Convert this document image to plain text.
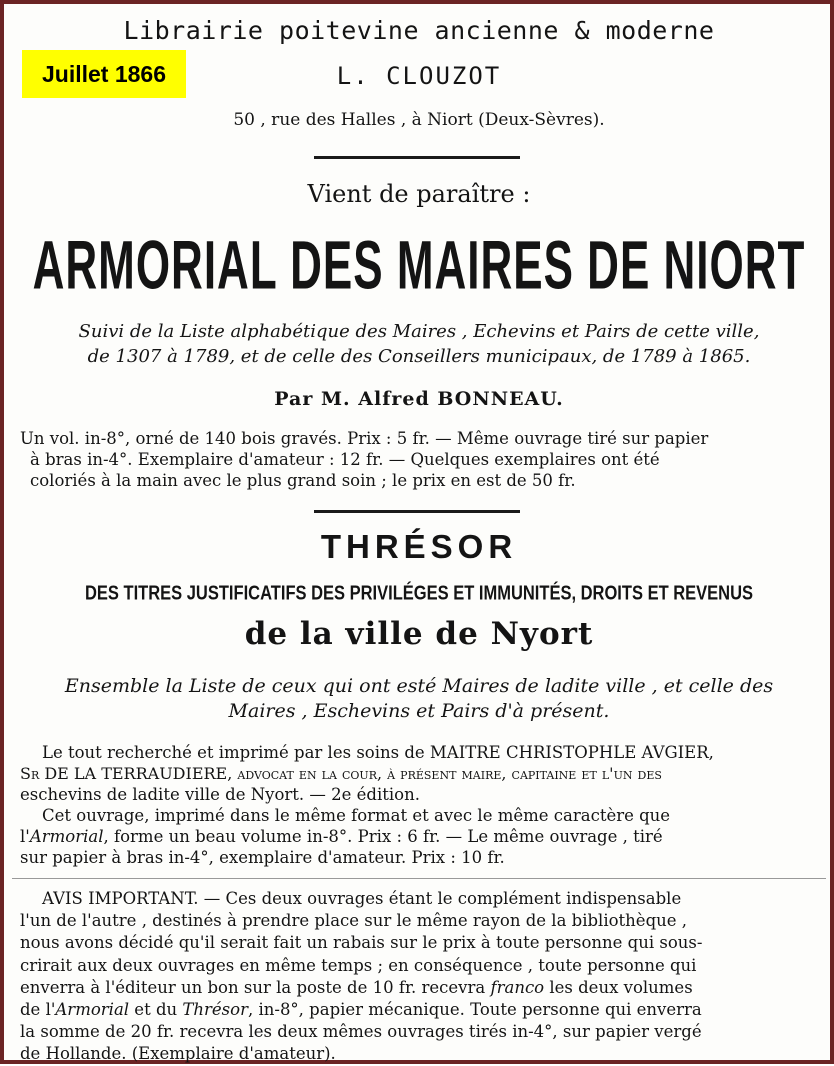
Librairie poitevine ancienne & moderne
Juillet 1866	L. CLOUZOT
50 , rue des Halles , à Niort (Deux-Sèvres).
Vient de paraître :
ARMORIAL DES MAIRES DE NIORT
Suivi de la Liste alphabétique des Maires , Echevins et Pairs de cette ville,
de 1307 à 1789, et de celle des Conseillers municipaux, de 1789 à 1865.
Par M. Alfred BONNEAU.
Un vol. in-8°, orné de 140 bois gravés. Prix : 5 fr. — Même ouvrage tiré sur papier
à bras in-4°. Exemplaire d'amateur : 12 fr. — Quelques exemplaires ont été
coloriés à la main avec le plus grand soin ; le prix en est de 50 fr.
THRÉSOR
DES TITRES JUSTIFICATIFS DES PRIVILÉGES ET IMMUNITÉS, DROITS ET REVENUS
de la ville de Nyort
Ensemble la Liste de ceux qui ont esté Maires de ladite ville , et celle des
Maires , Eschevins et Pairs d'à présent.
Le tout recherché et imprimé par les soins de MAITRE CHRISTOPHLE AVGIER,
Sr DE LA TERRAUDIERE, advocat en la cour, à présent maire, capitaine et l'un des
eschevins de ladite ville de Nyort. — 2e édition.
Cet ouvrage, imprimé dans le même format et avec le même caractère que
l'Armorial, forme un beau volume in-8°. Prix : 6 fr. — Le même ouvrage , tiré
sur papier à bras in-4°, exemplaire d'amateur. Prix : 10 fr.
AVIS IMPORTANT. — Ces deux ouvrages étant le complément indispensable
l'un de l'autre , destinés à prendre place sur le même rayon de la bibliothèque ,
nous avons décidé qu'il serait fait un rabais sur le prix à toute personne qui sous-
crirait aux deux ouvrages en même temps ; en conséquence , toute personne qui
enverra à l'éditeur un bon sur la poste de 10 fr. recevra franco les deux volumes
de l'Armorial et du Thrésor, in-8°, papier mécanique. Toute personne qui enverra
la somme de 20 fr. recevra les deux mêmes ouvrages tirés in-4°, sur papier vergé
de Hollande. (Exemplaire d'amateur).
